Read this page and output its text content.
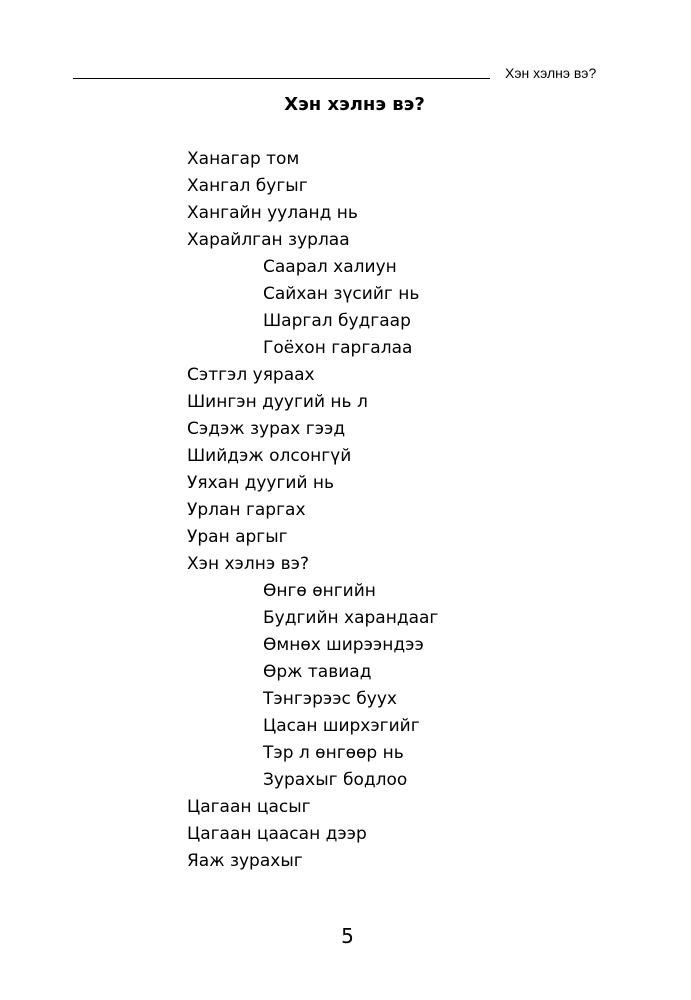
Хэн хэлнэ вэ?
Хэн хэлнэ вэ?
Ханагар том
Хангал бугыг
Хангайн ууланд нь
Харайлган зурлаа
Саарал халиун
Сайхан зүсийг нь
Шаргал будгаар
Гоёхон гаргалаа
Сэтгэл уяраах
Шингэн дуугий нь л
Сэдэж зурах гээд
Шийдэж олсонгүй
Уяхан дуугий нь
Урлан гаргах
Уран аргыг
Хэн хэлнэ вэ?
Өнгө өнгийн
Будгийн харандааг
Өмнөх ширээндээ
Өрж тавиад
Тэнгэрээс буух
Цасан ширхэгийг
Тэр л өнгөөр нь
Зурахыг бодлоо
Цагаан цасыг
Цагаан цаасан дээр
Яаж зурахыг
5
